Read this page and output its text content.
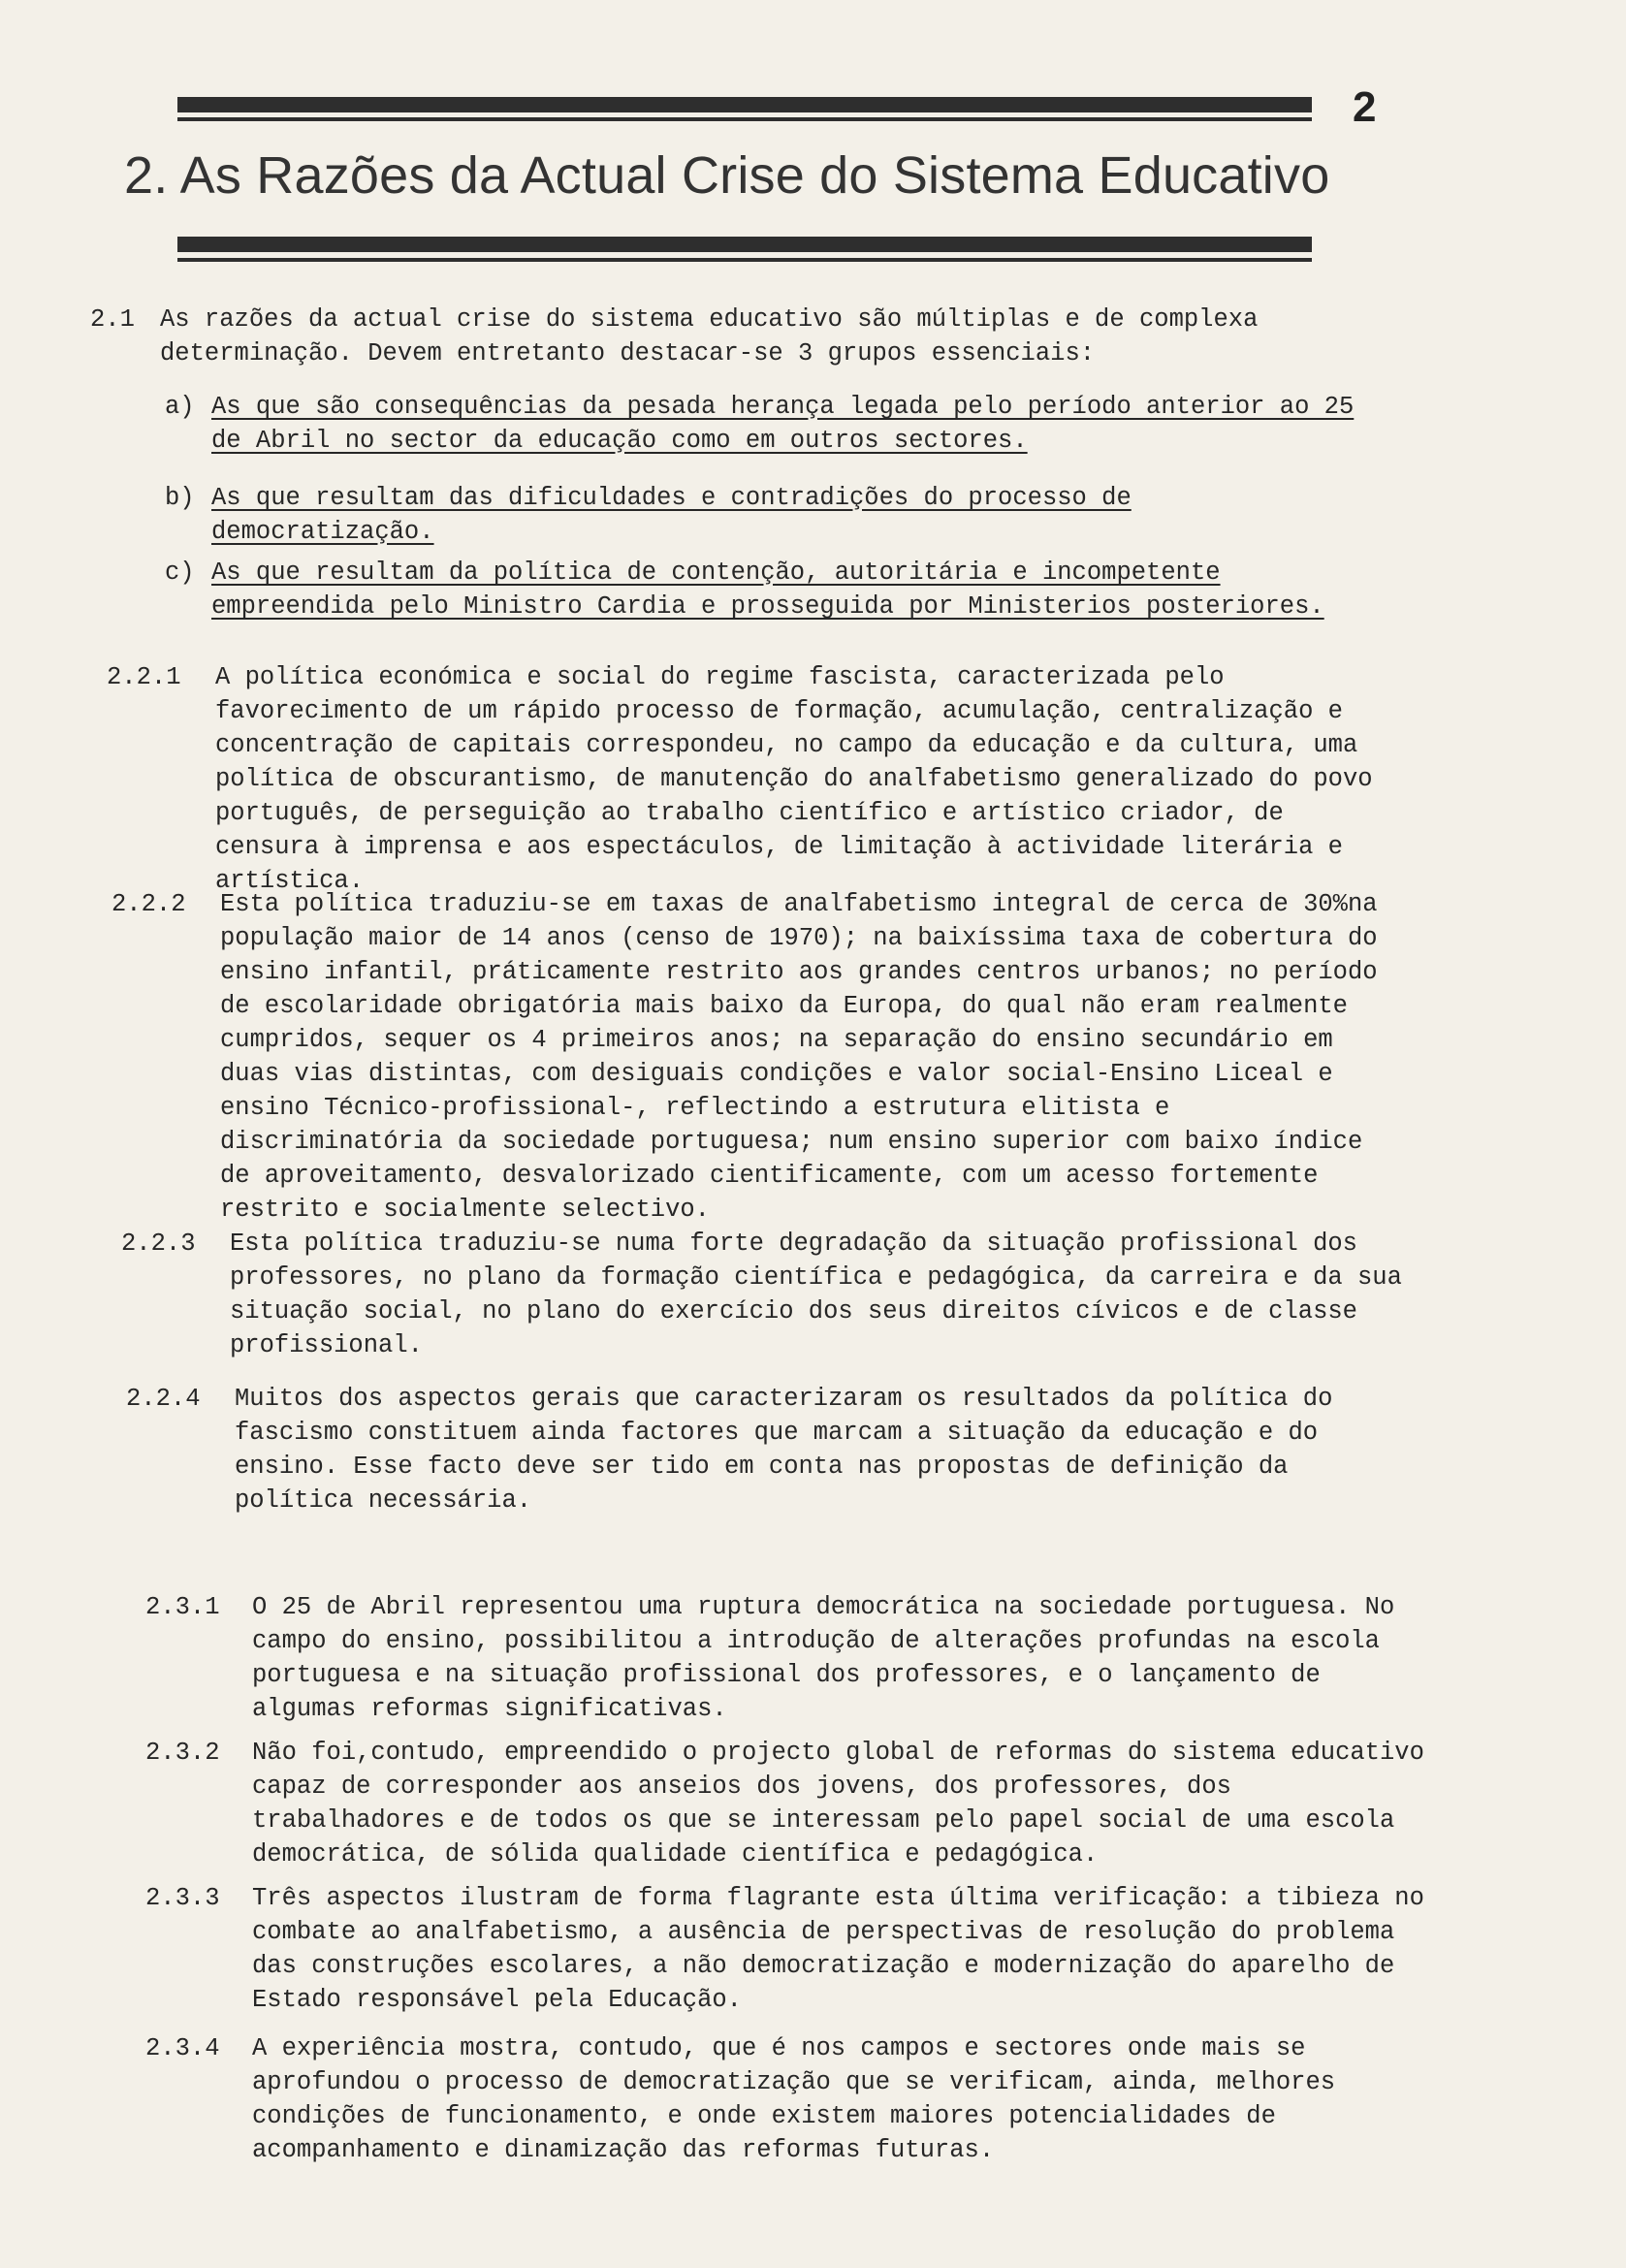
2
2. As Razões da Actual Crise do Sistema Educativo
2.1 As razões da actual crise do sistema educativo são múltiplas e de complexa determinação. Devem entretanto destacar-se 3 grupos essenciais:
a) As que são consequências da pesada herança legada pelo período anterior ao 25 de Abril no sector da educação como em outros sectores.
b) As que resultam das dificuldades e contradições do processo de democratização.
c) As que resultam da política de contenção, autoritária e incompetente empreendida pelo Ministro Cardia e prosseguida por Ministerios posteriores.
2.2.1 A política económica e social do regime fascista, caracterizada pelo favorecimento de um rápido processo de formação, acumulação, centralização e concentração de capitais correspondeu, no campo da educação e da cultura, uma política de obscurantismo, de manutenção do analfabetismo generalizado do povo português, de perseguição ao trabalho científico e artístico criador, de censura à imprensa e aos espectáculos, de limitação à actividade literária e artística.
2.2.2 Esta política traduziu-se em taxas de analfabetismo integral de cerca de 30%na população maior de 14 anos (censo de 1970); na baixíssima taxa de cobertura do ensino infantil, práticamente restrito aos grandes centros urbanos; no período de escolaridade obrigatória mais baixo da Europa, do qual não eram realmente cumpridos, sequer os 4 primeiros anos; na separação do ensino secundário em duas vias distintas, com desiguais condições e valor social-Ensino Liceal e ensino Técnico-profissional-, reflectindo a estrutura elitista e discriminatória da sociedade portuguesa; num ensino superior com baixo índice de aproveitamento, desvalorizado cientificamente, com um acesso fortemente restrito e socialmente selectivo.
2.2.3 Esta política traduziu-se numa forte degradação da situação profissional dos professores, no plano da formação científica e pedagógica, da carreira e da sua situação social, no plano do exercício dos seus direitos cívicos e de classe profissional.
2.2.4 Muitos dos aspectos gerais que caracterizaram os resultados da política do fascismo constituem ainda factores que marcam a situação da educação e do ensino. Esse facto deve ser tido em conta nas propostas de definição da política necessária.
2.3.1 O 25 de Abril representou uma ruptura democrática na sociedade portuguesa. No campo do ensino, possibilitou a introdução de alterações profundas na escola portuguesa e na situação profissional dos professores, e o lançamento de algumas reformas significativas.
2.3.2 Não foi,contudo, empreendido o projecto global de reformas do sistema educativo capaz de corresponder aos anseios dos jovens, dos professores, dos trabalhadores e de todos os que se interessam pelo papel social de uma escola democrática, de sólida qualidade científica e pedagógica.
2.3.3 Três aspectos ilustram de forma flagrante esta última verificação: a tibieza no combate ao analfabetismo, a ausência de perspectivas de resolução do problema das construções escolares, a não democratização e modernização do aparelho de Estado responsável pela Educação.
2.3.4 A experiência mostra, contudo, que é nos campos e sectores onde mais se aprofundou o processo de democratização que se verificam, ainda, melhores condições de funcionamento, e onde existem maiores potencialidades de acompanhamento e dinamização das reformas futuras.
